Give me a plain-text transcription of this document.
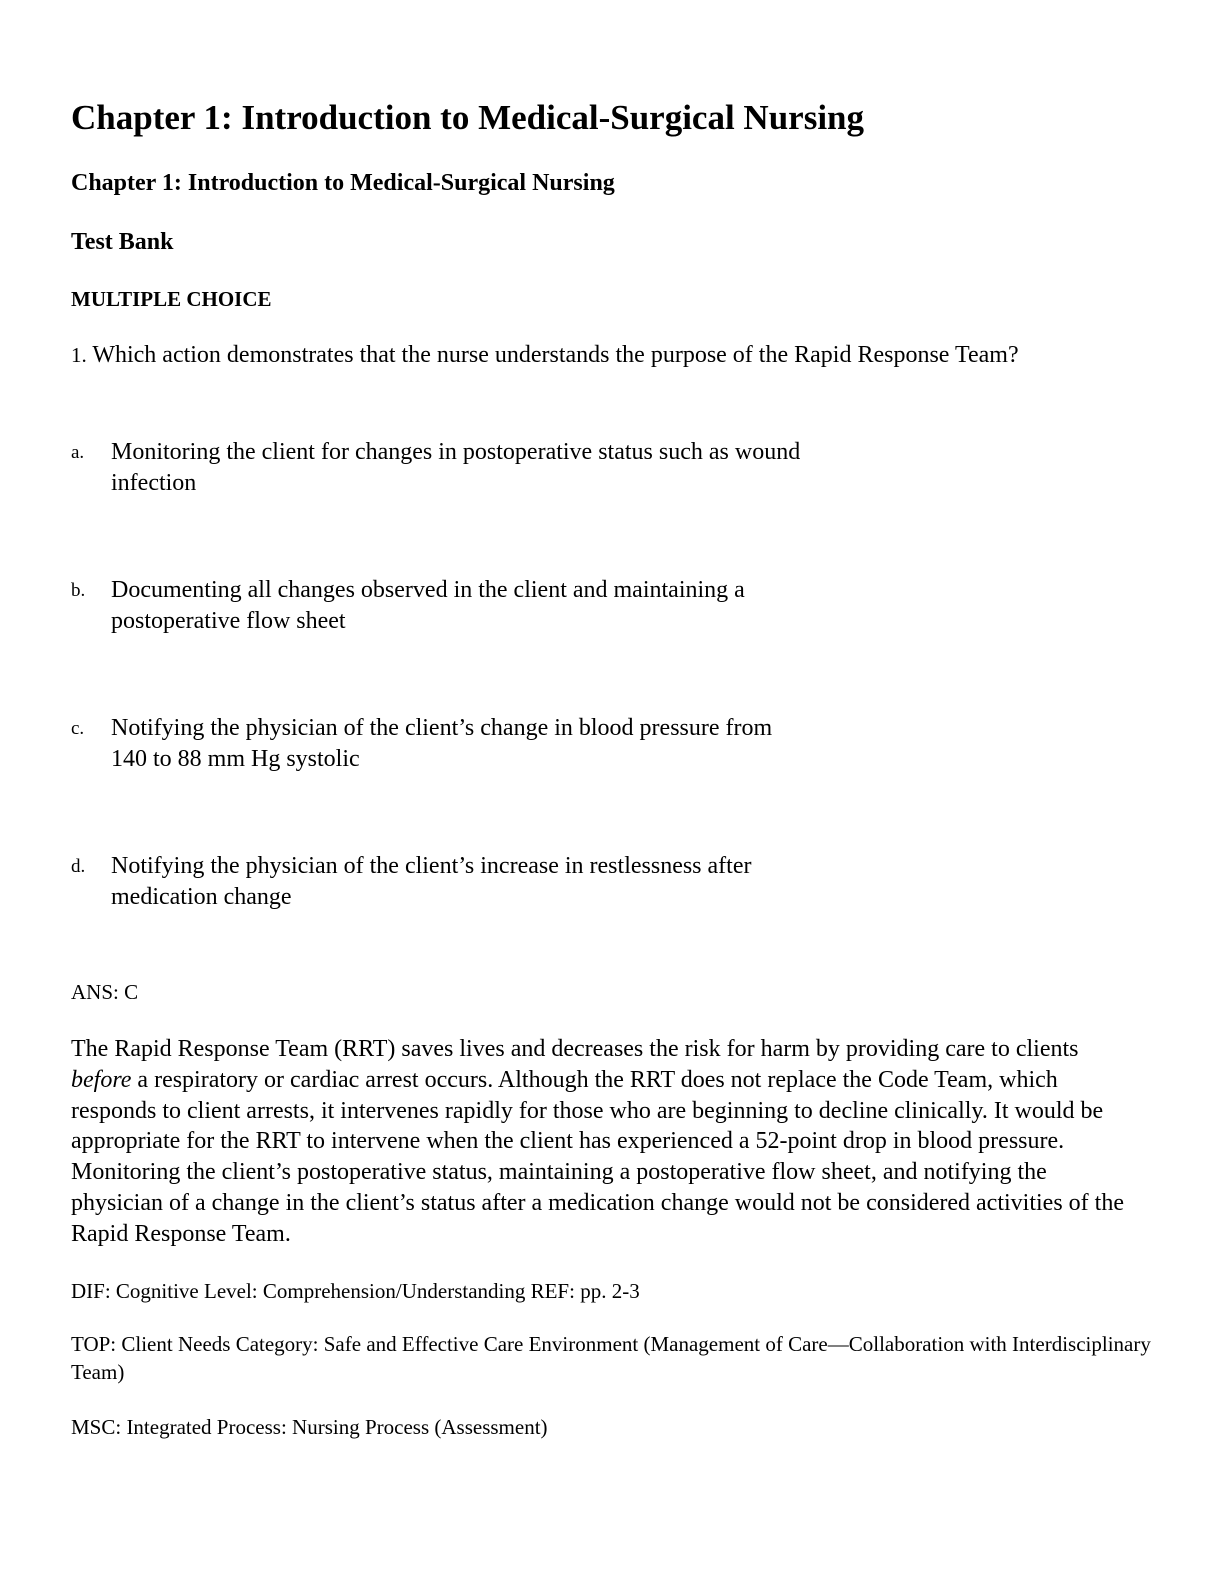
Chapter 1: Introduction to Medical-Surgical Nursing
Chapter 1: Introduction to Medical-Surgical Nursing
Test Bank
MULTIPLE CHOICE
1. Which action demonstrates that the nurse understands the purpose of the Rapid Response Team?
a. Monitoring the client for changes in postoperative status such as wound
infection
b. Documenting all changes observed in the client and maintaining a
postoperative flow sheet
c. Notifying the physician of the client’s change in blood pressure from
140 to 88 mm Hg systolic
d. Notifying the physician of the client’s increase in restlessness after
medication change
ANS: C

The Rapid Response Team (RRT) saves lives and decreases the risk for harm by providing care to clients before a respiratory or cardiac arrest occurs. Although the RRT does not replace the Code Team, which responds to client arrests, it intervenes rapidly for those who are beginning to decline clinically. It would be appropriate for the RRT to intervene when the client has experienced a 52-point drop in blood pressure. Monitoring the client’s postoperative status, maintaining a postoperative flow sheet, and notifying the physician of a change in the client’s status after a medication change would not be considered activities of the Rapid Response Team.

DIF: Cognitive Level: Comprehension/Understanding REF: pp. 2-3
TOP: Client Needs Category: Safe and Effective Care Environment (Management of Care—Collaboration with Interdisciplinary Team)
MSC: Integrated Process: Nursing Process (Assessment)
